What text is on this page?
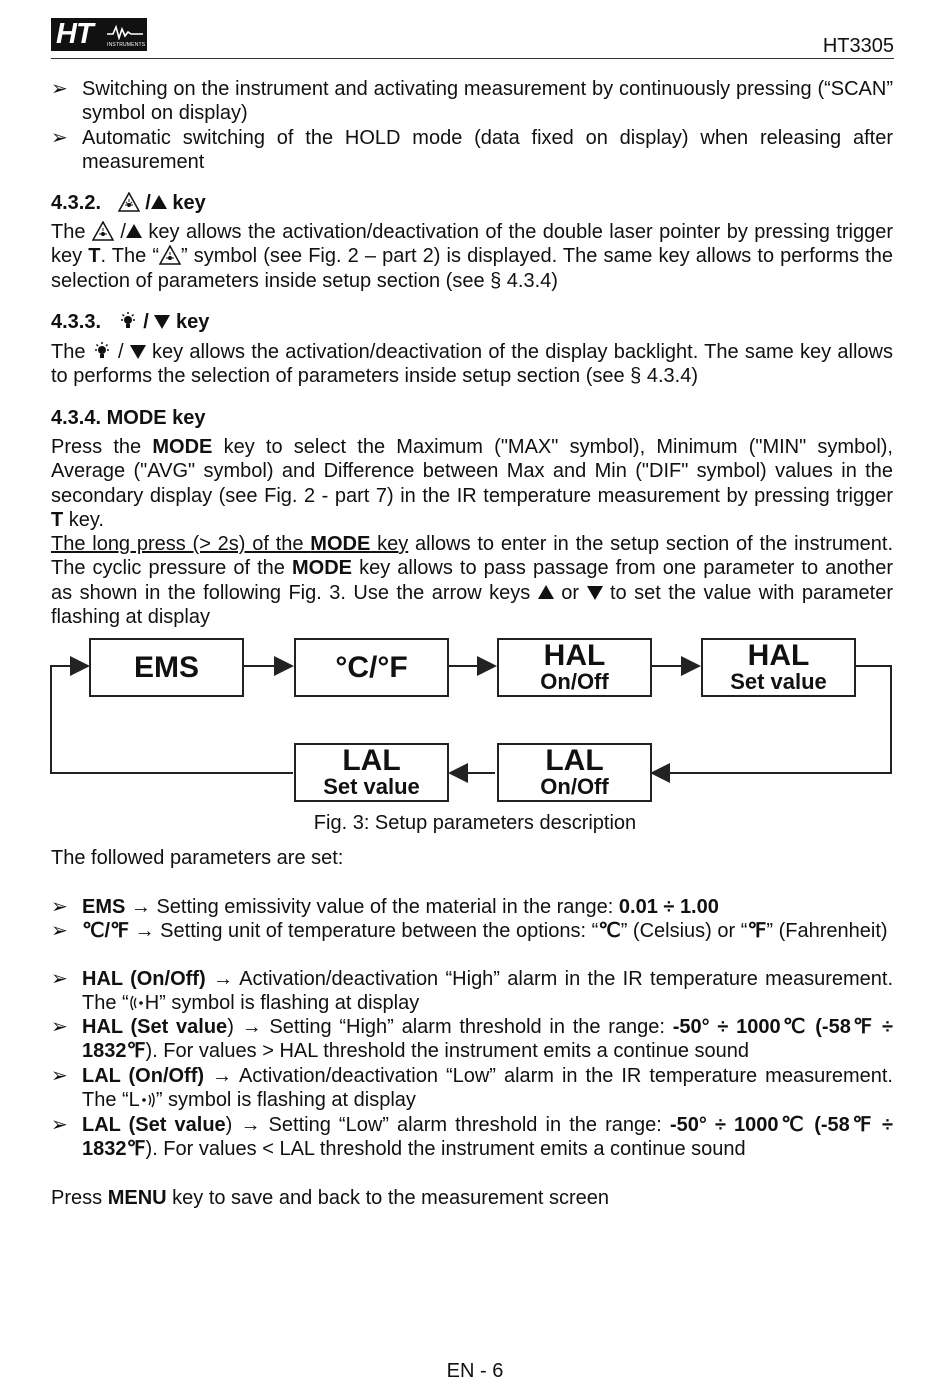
HT	INSTRUMENTS	HT3305
➢ Switching on the instrument and activating measurement by continuously pressing (“SCAN” symbol on display)
➢ Automatic switching of the HOLD mode (data fixed on display) when releasing after measurement
4.3.2.    / key
The  / key allows the activation/deactivation of the double laser pointer by pressing trigger key T. The “ ” symbol (see Fig. 2 – part 2) is displayed. The same key allows to performs the selection of parameters inside setup section (see § 4.3.4)
4.3.3.    /  key
The  /  key allows the activation/deactivation of the display backlight. The same key allows to performs the selection of parameters inside setup section (see § 4.3.4)
4.3.4. MODE key
Press the MODE key to select the Maximum ("MAX" symbol), Minimum ("MIN" symbol), Average ("AVG" symbol) and Difference between Max and Min ("DIF" symbol) values in the secondary display (see Fig. 2 - part 7) in the IR temperature measurement by pressing trigger T key.
The long press (> 2s) of the MODE key allows to enter in the setup section of the instrument. The cyclic pressure of the MODE key allows to pass passage from one parameter to another as shown in the following Fig. 3. Use the arrow keys or to set the value with parameter flashing at display
EMS	°C/°F	HAL
On/Off
HAL
Set value
LAL
Set value
LAL
On/Off
Fig. 3: Setup parameters description
The followed parameters are set:
➢ EMS → Setting emissivity value of the material in the range: 0.01 ÷ 1.00
➢ ℃/℉ → Setting unit of temperature between the options: “℃” (Celsius) or “℉” (Fahrenheit)
➢ HAL (On/Off) → Activation/deactivation “High” alarm in the IR temperature measurement. The “ H” symbol is flashing at display
➢ HAL (Set value) → Setting “High” alarm threshold in the range: -50° ÷ 1000℃ (-58℉ ÷ 1832℉). For values > HAL threshold the instrument emits a continue sound
➢ LAL (On/Off) → Activation/deactivation “Low” alarm in the IR temperature measurement. The “L ” symbol is flashing at display
➢ LAL (Set value) → Setting “Low” alarm threshold in the range: -50° ÷ 1000℃ (-58℉ ÷ 1832℉). For values < LAL threshold the instrument emits a continue sound
Press MENU key to save and back to the measurement screen
EN - 6
